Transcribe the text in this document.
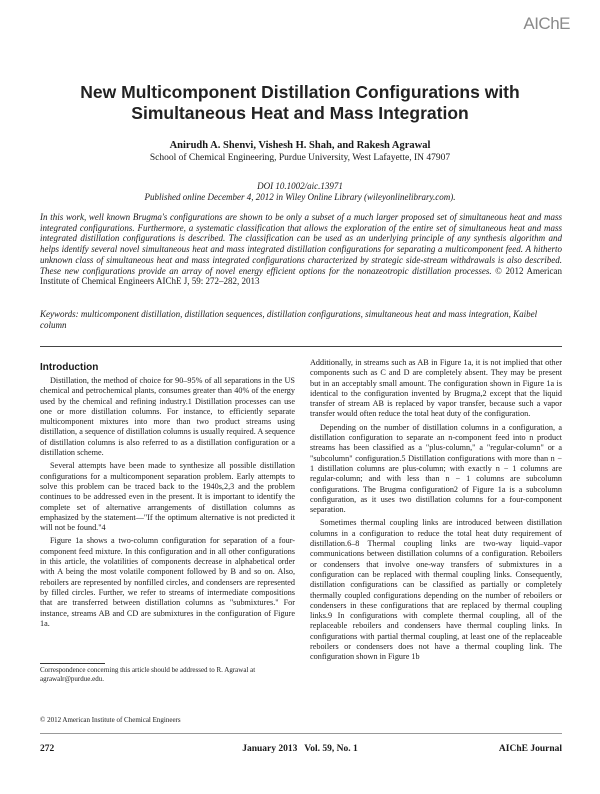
AIChE
New Multicomponent Distillation Configurations with
Simultaneous Heat and Mass Integration
Anirudh A. Shenvi, Vishesh H. Shah, and Rakesh Agrawal
School of Chemical Engineering, Purdue University, West Lafayette, IN 47907
DOI 10.1002/aic.13971
Published online December 4, 2012 in Wiley Online Library (wileyonlinelibrary.com).
In this work, well known Brugma's configurations are shown to be only a subset of a much larger proposed set of simultaneous heat and mass integrated configurations. Furthermore, a systematic classification that allows the exploration of the entire set of simultaneous heat and mass integrated distillation configurations is described. The classification can be used as an underlying principle of any synthesis algorithm and helps identify several novel simultaneous heat and mass integrated distillation configurations for separating a multicomponent feed. A hitherto unknown class of simultaneous heat and mass integrated configurations characterized by strategic side-stream withdrawals is also described. These new configurations provide an array of novel energy efficient options for the nonazeotropic distillation processes. © 2012 American Institute of Chemical Engineers AIChE J, 59: 272–282, 2013
Keywords: multicomponent distillation, distillation sequences, distillation configurations, simultaneous heat and mass integration, Kaibel column
Introduction

Distillation, the method of choice for 90–95% of all separations in the US chemical and petrochemical plants, consumes greater than 40% of the energy used by the chemical and refining industry.1 Distillation processes can use one or more distillation columns. For instance, to efficiently separate multicomponent mixtures into more than two product streams using distillation, a sequence of distillation columns is usually required. A sequence of distillation columns is also referred to as a distillation configuration or a distillation scheme.

Several attempts have been made to synthesize all possible distillation configurations for a multicomponent separation problem. Early attempts to solve this problem can be traced back to the 1940s,2,3 and the problem continues to be addressed even in the present. It is important to identify the complete set of alternative arrangements of distillation columns as emphasized by the statement—"If the optimum alternative is not predicted it will not be found."4

Figure 1a shows a two-column configuration for separation of a four-component feed mixture. In this configuration and in all other configurations in this article, the volatilities of components decrease in alphabetical order with A being the most volatile component followed by B and so on. Also, reboilers are represented by nonfilled circles, and condensers are represented by filled circles. Further, we refer to streams of intermediate compositions that are transferred between distillation columns as "submixtures." For instance, streams AB and CD are submixtures in the configuration of Figure 1a.

Additionally, in streams such as AB in Figure 1a, it is not implied that other components such as C and D are completely absent. They may be present but in an acceptably small amount. The configuration shown in Figure 1a is identical to the configuration invented by Brugma,2 except that the liquid transfer of stream AB is replaced by vapor transfer, because such a vapor transfer would often reduce the total heat duty of the configuration.

Depending on the number of distillation columns in a configuration, a distillation configuration to separate an n-component feed into n product streams has been classified as a "plus-column," a "regular-column" or a "subcolumn" configuration.5 Distillation configurations with more than n − 1 distillation columns are plus-column; with exactly n − 1 columns are regular-column; and with less than n − 1 columns are subcolumn configurations. The Brugma configuration2 of Figure 1a is a subcolumn configuration, as it uses two distillation columns for a four-component separation.

Sometimes thermal coupling links are introduced between distillation columns in a configuration to reduce the total heat duty requirement of distillation.6–8 Thermal coupling links are two-way liquid–vapor communications between distillation columns of a configuration. Reboilers or condensers that involve one-way transfers of submixtures in a configuration can be replaced with thermal coupling links. Consequently, distillation configurations can be classified as partially or completely thermally coupled configurations depending on the number of reboilers or condensers in these configurations that are replaced by thermal coupling links.9 In configurations with complete thermal coupling, all of the replaceable reboilers and condensers have thermal coupling links. In configurations with partial thermal coupling, at least one of the replaceable reboilers or condensers does not have a thermal coupling link. The configuration shown in Figure 1b

Correspondence concerning this article should be addressed to R. Agrawal at agrawalr@purdue.edu.
© 2012 American Institute of Chemical Engineers
272	January 2013   Vol. 59, No. 1	AIChE Journal
